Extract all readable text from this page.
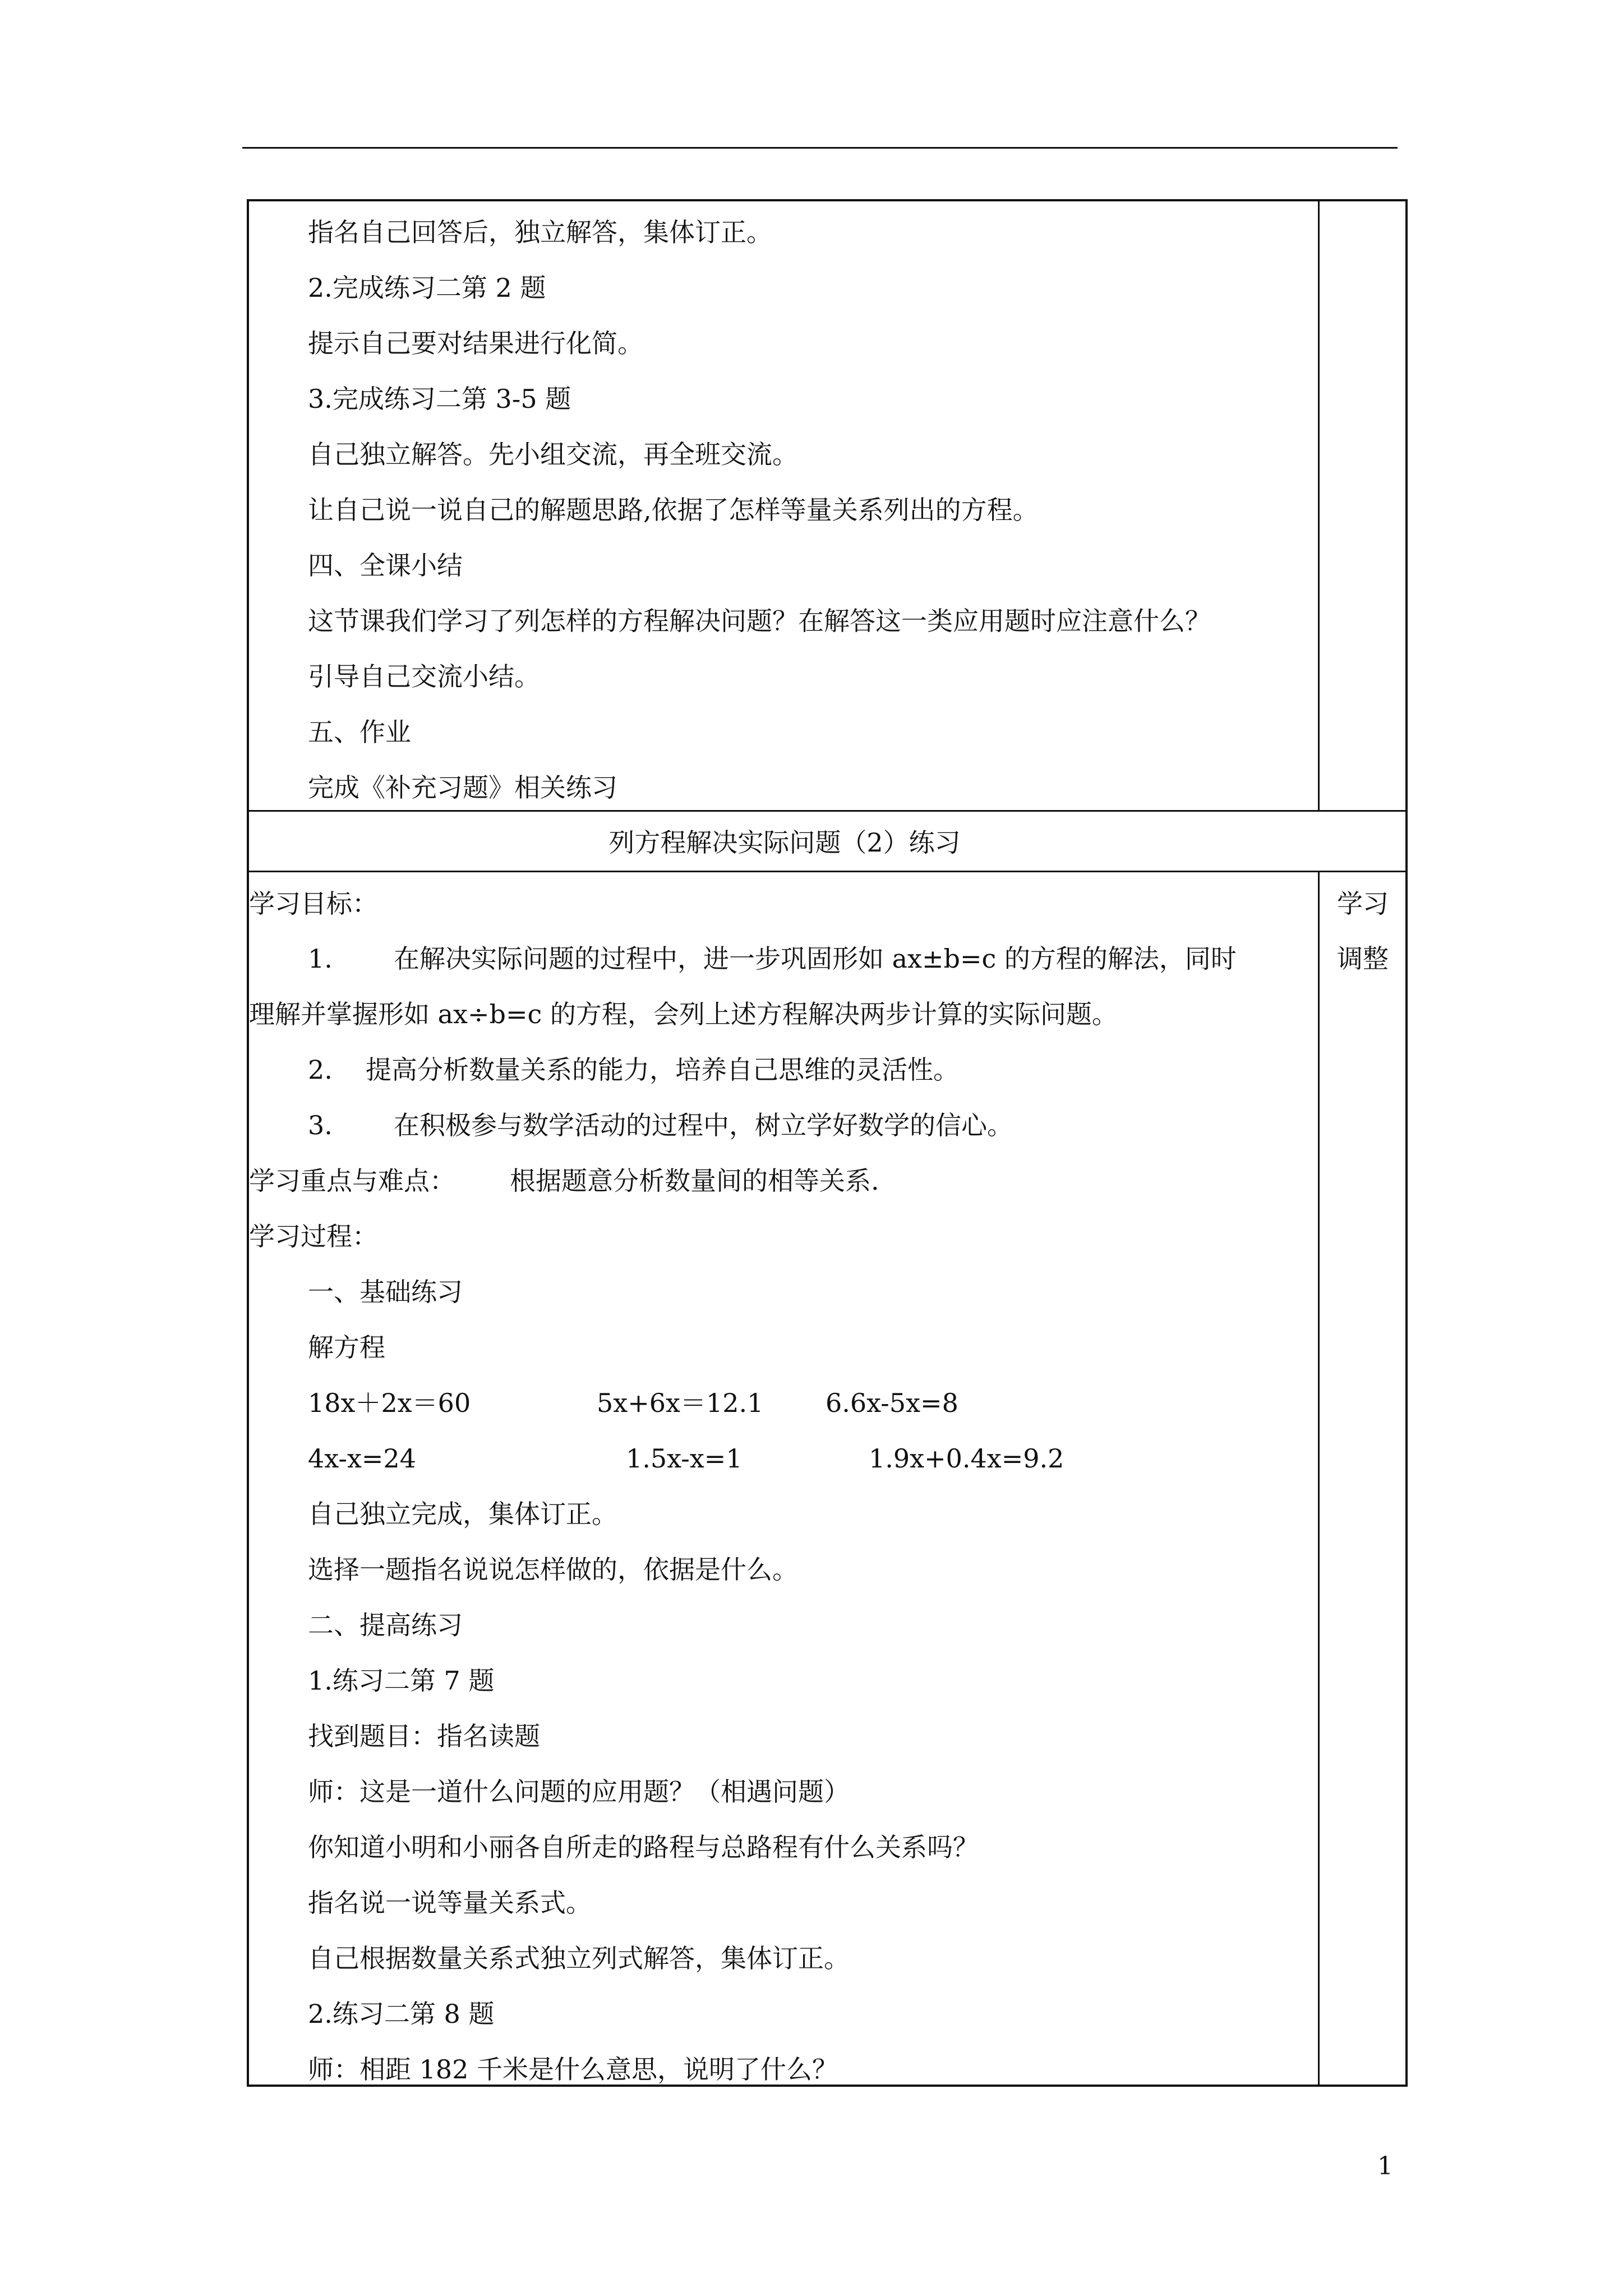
指名自己回答后，独立解答，集体订正。
2.完成练习二第 2 题
提示自己要对结果进行化简。
3.完成练习二第 3-5 题
自己独立解答。先小组交流，再全班交流。
让自己说一说自己的解题思路,依据了怎样等量关系列出的方程。
四、全课小结
这节课我们学习了列怎样的方程解决问题？在解答这一类应用题时应注意什么？
引导自己交流小结。
五、作业
完成《补充习题》相关练习
列方程解决实际问题（2）练习
学习
调整
学习目标：
1. 在解决实际问题的过程中，进一步巩固形如 ax±b=c 的方程的解法，同时
理解并掌握形如 ax÷b=c 的方程，会列上述方程解决两步计算的实际问题。
2. 提高分析数量关系的能力，培养自己思维的灵活性。
3. 在积极参与数学活动的过程中，树立学好数学的信心。
学习重点与难点： 根据题意分析数量间的相等关系.
学习过程：
一、基础练习
解方程
18x＋2x＝60	5x+6x＝12.1 6.6x-5x=8
4x-x=24	1.5x-x=1	1.9x+0.4x=9.2
自己独立完成，集体订正。
选择一题指名说说怎样做的，依据是什么。
二、提高练习
1.练习二第 7 题
找到题目：指名读题
师：这是一道什么问题的应用题？（相遇问题）
你知道小明和小丽各自所走的路程与总路程有什么关系吗？
指名说一说等量关系式。
自己根据数量关系式独立列式解答，集体订正。
2.练习二第 8 题
师：相距 182 千米是什么意思，说明了什么？
1
